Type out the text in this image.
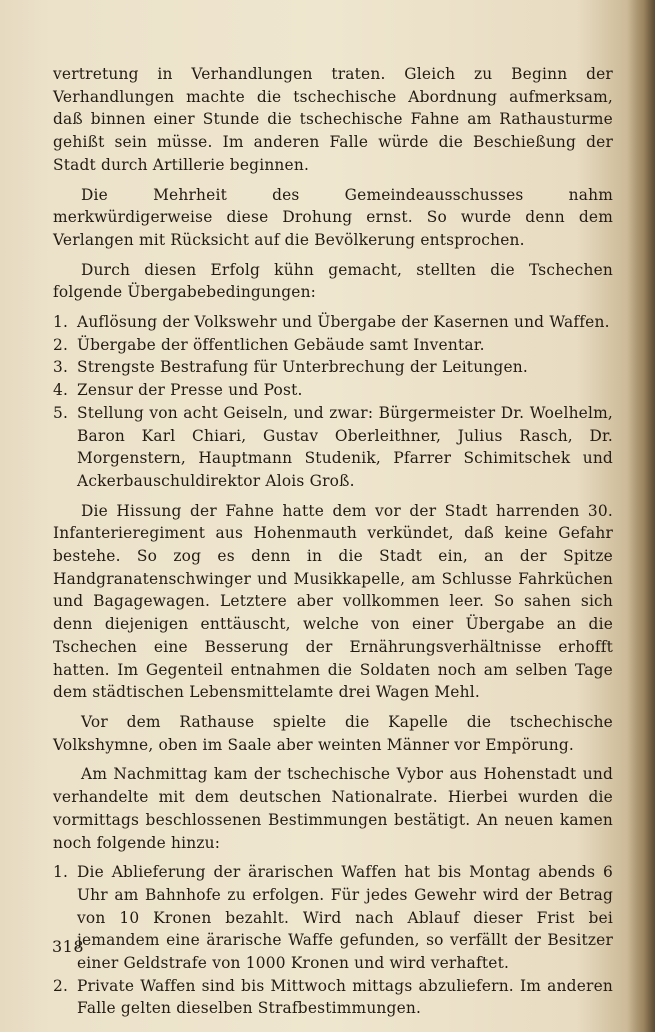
vertretung in Verhandlungen traten. Gleich zu Beginn der Verhandlungen machte die tschechische Abordnung aufmerksam, daß binnen einer Stunde die tschechische Fahne am Rathausturme gehißt sein müsse. Im anderen Falle würde die Beschießung der Stadt durch Artillerie beginnen.

Die Mehrheit des Gemeindeausschusses nahm merkwürdigerweise diese Drohung ernst. So wurde denn dem Verlangen mit Rücksicht auf die Bevölkerung entsprochen.

Durch diesen Erfolg kühn gemacht, stellten die Tschechen folgende Übergabebedingungen:

1. Auflösung der Volkswehr und Übergabe der Kasernen und Waffen.
2. Übergabe der öffentlichen Gebäude samt Inventar.
3. Strengste Bestrafung für Unterbrechung der Leitungen.
4. Zensur der Presse und Post.
5. Stellung von acht Geiseln, und zwar: Bürgermeister Dr. Woelhelm, Baron Karl Chiari, Gustav Oberleithner, Julius Rasch, Dr. Morgenstern, Hauptmann Studenik, Pfarrer Schimitschek und Ackerbauschuldirektor Alois Groß.

Die Hissung der Fahne hatte dem vor der Stadt harrenden 30. Infanterieregiment aus Hohenmauth verkündet, daß keine Gefahr bestehe. So zog es denn in die Stadt ein, an der Spitze Handgranatenschwinger und Musikkapelle, am Schlusse Fahrküchen und Bagagewagen. Letztere aber vollkommen leer. So sahen sich denn diejenigen enttäuscht, welche von einer Übergabe an die Tschechen eine Besserung der Ernährungsverhältnisse erhofft hatten. Im Gegenteil entnahmen die Soldaten noch am selben Tage dem städtischen Lebensmittelamte drei Wagen Mehl.

Vor dem Rathause spielte die Kapelle die tschechische Volkshymne, oben im Saale aber weinten Männer vor Empörung.

Am Nachmittag kam der tschechische Vybor aus Hohenstadt und verhandelte mit dem deutschen Nationalrate. Hierbei wurden die vormittags beschlossenen Bestimmungen bestätigt. An neuen kamen noch folgende hinzu:

1. Die Ablieferung der ärarischen Waffen hat bis Montag abends 6 Uhr am Bahnhofe zu erfolgen. Für jedes Gewehr wird der Betrag von 10 Kronen bezahlt. Wird nach Ablauf dieser Frist bei jemandem eine ärarische Waffe gefunden, so verfällt der Besitzer einer Geldstrafe von 1000 Kronen und wird verhaftet.
2. Private Waffen sind bis Mittwoch mittags abzuliefern. Im anderen Falle gelten dieselben Strafbestimmungen.
318
